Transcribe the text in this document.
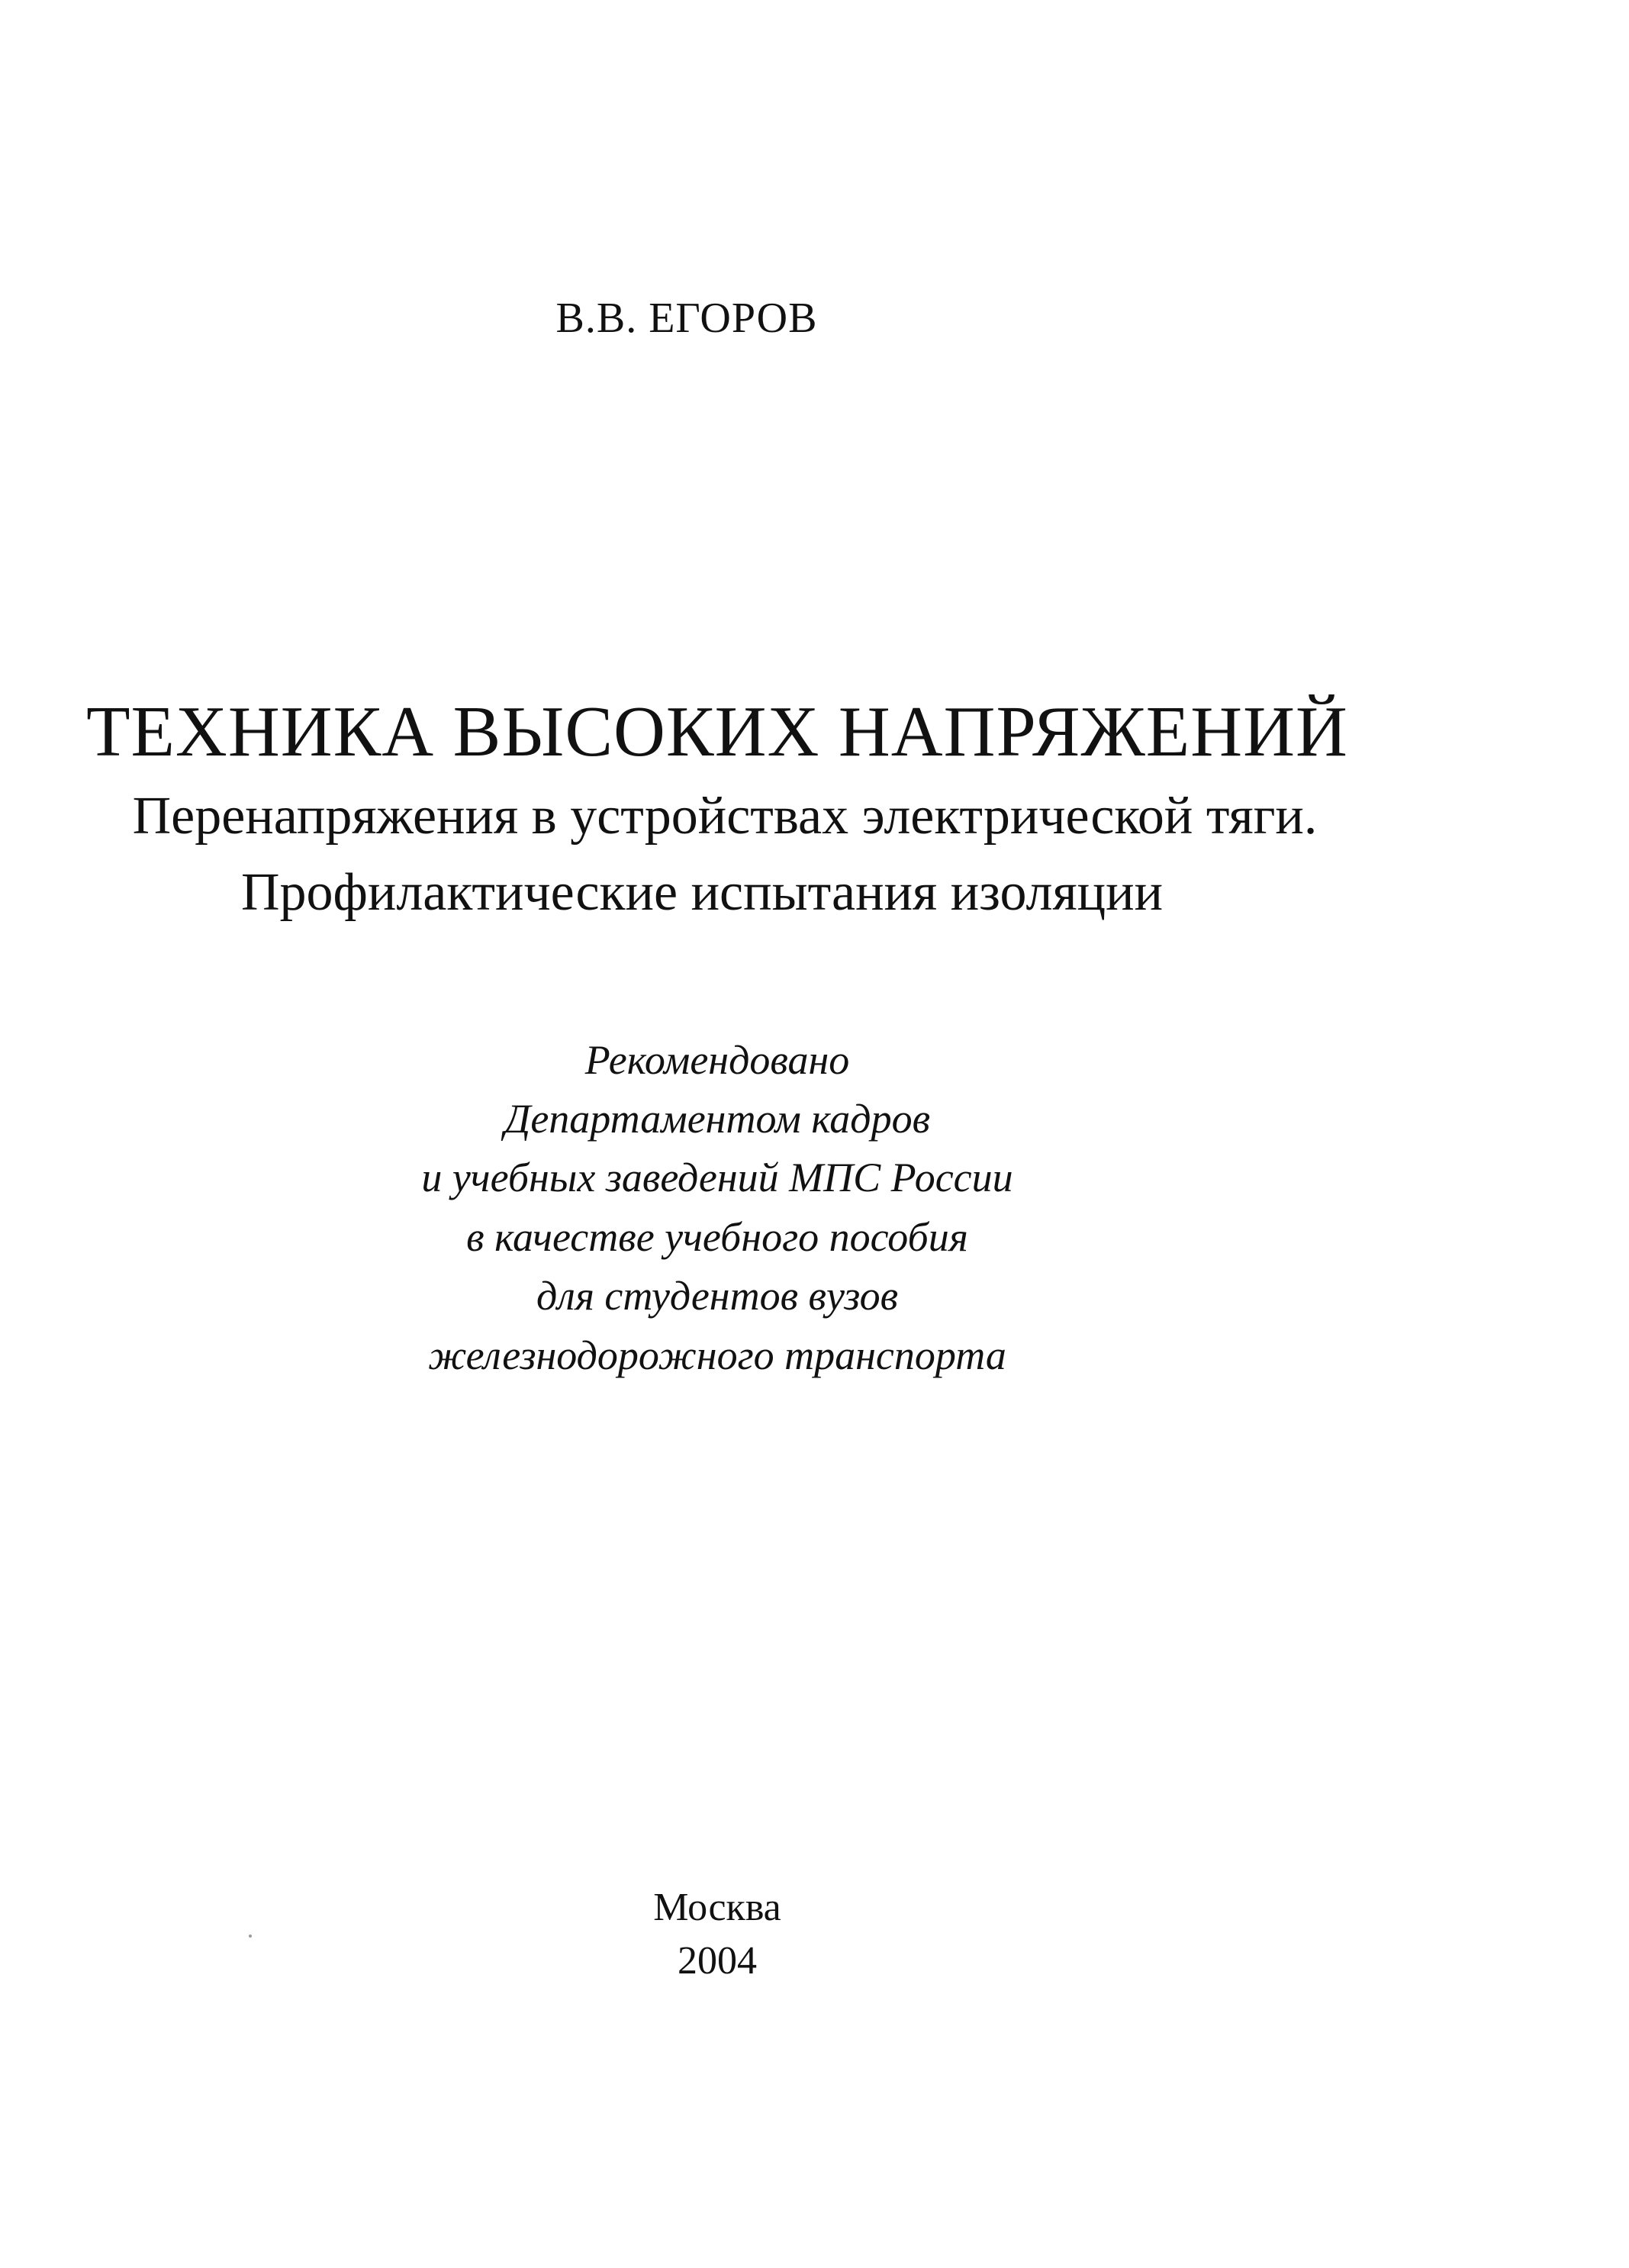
В.В. ЕГОРОВ
ТЕХНИКА ВЫСОКИХ НАПРЯЖЕНИЙ
Перенапряжения в устройствах электрической тяги.
Профилактические испытания изоляции
Рекомендовано
Департаментом кадров
и учебных заведений МПС России
в качестве учебного пособия
для студентов вузов
железнодорожного транспорта
Москва
2004
